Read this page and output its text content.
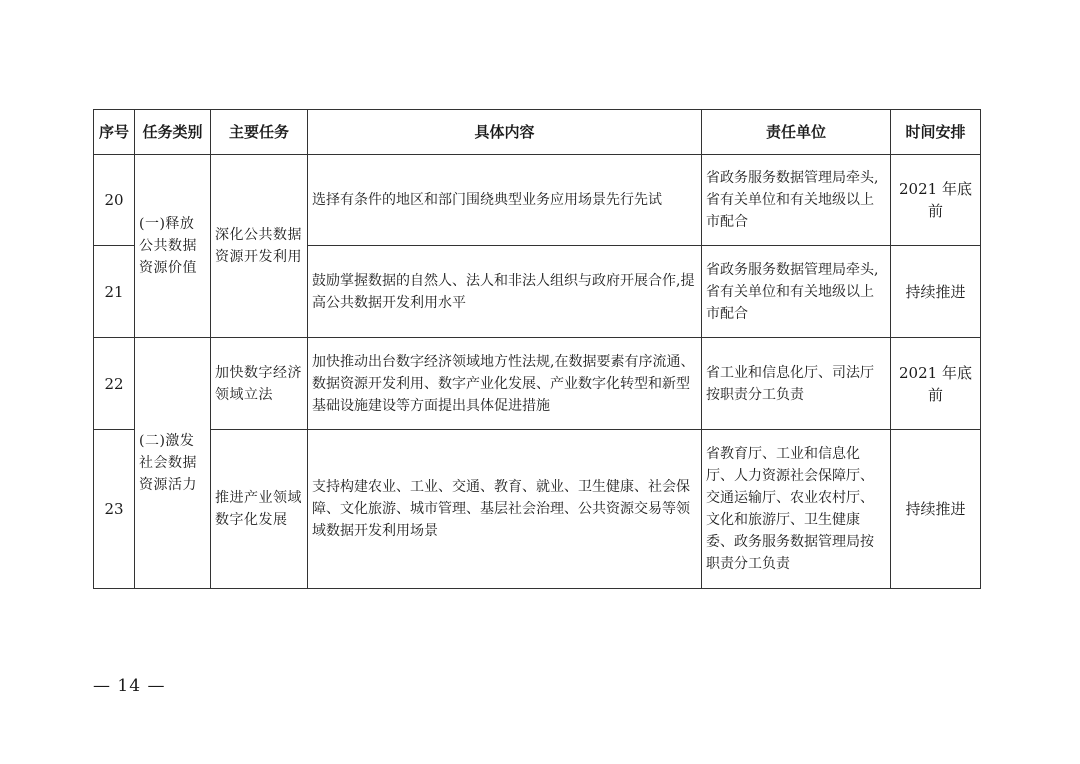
序号	任务类别	主要任务	具体内容	责任单位	时间安排
20	(一)释放公共数据资源价值	深化公共数据资源开发利用	选择有条件的地区和部门围绕典型业务应用场景先行先试	省政务服务数据管理局牵头,省有关单位和有关地级以上市配合	2021 年底前
21			鼓励掌握数据的自然人、法人和非法人组织与政府开展合作,提高公共数据开发利用水平	省政务服务数据管理局牵头,省有关单位和有关地级以上市配合	持续推进
22	(二)激发社会数据资源活力	加快数字经济领域立法	加快推动出台数字经济领域地方性法规,在数据要素有序流通、数据资源开发利用、数字产业化发展、产业数字化转型和新型基础设施建设等方面提出具体促进措施	省工业和信息化厅、司法厅按职责分工负责	2021 年底前
23		推进产业领域数字化发展	支持构建农业、工业、交通、教育、就业、卫生健康、社会保障、文化旅游、城市管理、基层社会治理、公共资源交易等领域数据开发利用场景	省教育厅、工业和信息化厅、人力资源社会保障厅、交通运输厅、农业农村厅、文化和旅游厅、卫生健康委、政务服务数据管理局按职责分工负责	持续推进
— 14 —
